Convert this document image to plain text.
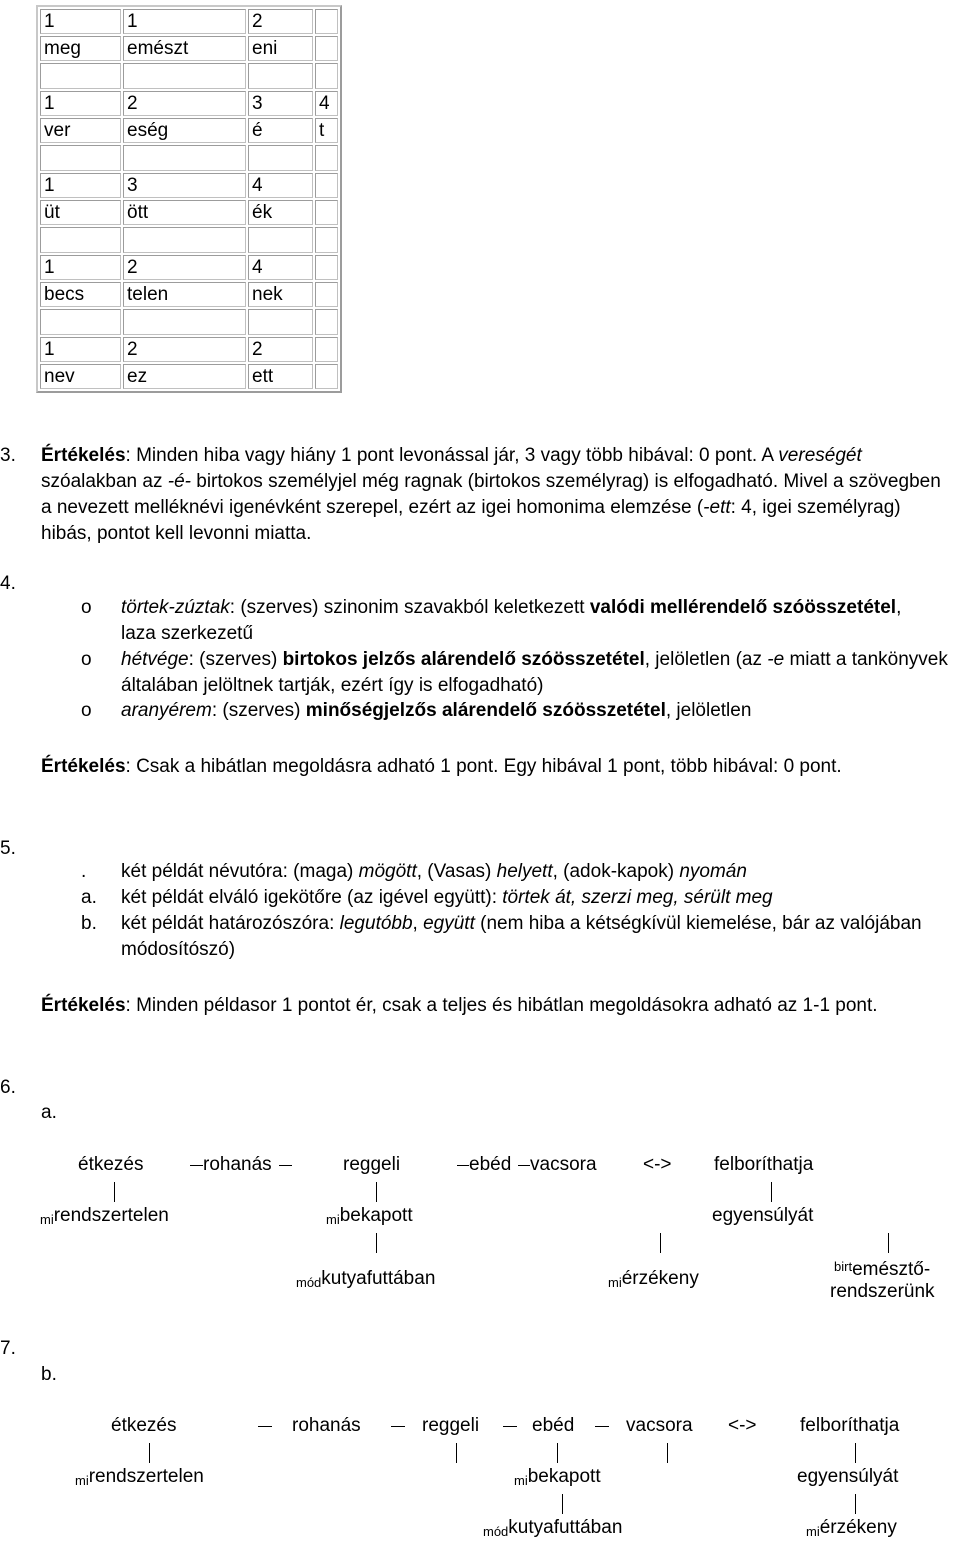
1	1	2	
meg	emészt	eni	

1	2	3	4
ver	eség	é	t

1	3	4	
üt	ött	ék	

1	2	4	
becs	telen	nek	

1	2	2	
nev	ez	ett	
3. Értékelés: Minden hiba vagy hiány 1 pont levonással jár, 3 vagy több hibával: 0 pont. A vereségét szóalakban az -é- birtokos személyjel még ragnak (birtokos személyrag) is elfogadható. Mivel a szövegben a nevezett melléknévi igenévként szerepel, ezért az igei homonima elemzése (-ett: 4, igei személyrag) hibás, pontot kell levonni miatta.

4.
o törtek-zúztak: (szerves) szinonim szavakból keletkezett valódi mellérendelő szóösszetétel, laza szerkezetű

o hétvége: (szerves) birtokos jelzős alárendelő szóösszetétel, jelöletlen (az -e miatt a tankönyvek általában jelöltnek tartják, ezért így is elfogadható)

o aranyérem: (szerves) minőségjelzős alárendelő szóösszetétel, jelöletlen

Értékelés: Csak a hibátlan megoldásra adható 1 pont. Egy hibával 1 pont, több hibával: 0 pont.

5.
. két példát névutóra: (maga) mögött, (Vasas) helyett, (adok-kapok) nyomán

a. két példát elváló igekötőre (az igével együtt): törtek át, szerzi meg, sérült meg

b. két példát határozószóra: legutóbb, együtt (nem hiba a kétségkívül kiemelése, bár az valójában módosítószó)

Értékelés: Minden példasor 1 pontot ér, csak a teljes és hibátlan megoldásokra adható az 1-1 pont.

6.
a.
étkezés	rohanás	reggeli	ebéd vacsora <-> felboríthatja
$_{mi}$rendszertelen	$_{mi}$bekapott	egyensúlyát
$_{mód}$kutyafuttában	$_{mi}$érzékeny
$^{birt}$emésztő-
rendszerünk
7.
b.
étkezés	rohanás	reggeli	ebéd	vacsora <-> felboríthatja
$_{mi}$rendszertelen	$_{mi}$bekapott	egyensúlyát
$_{mód}$kutyafuttában	$_{mi}$érzékeny
